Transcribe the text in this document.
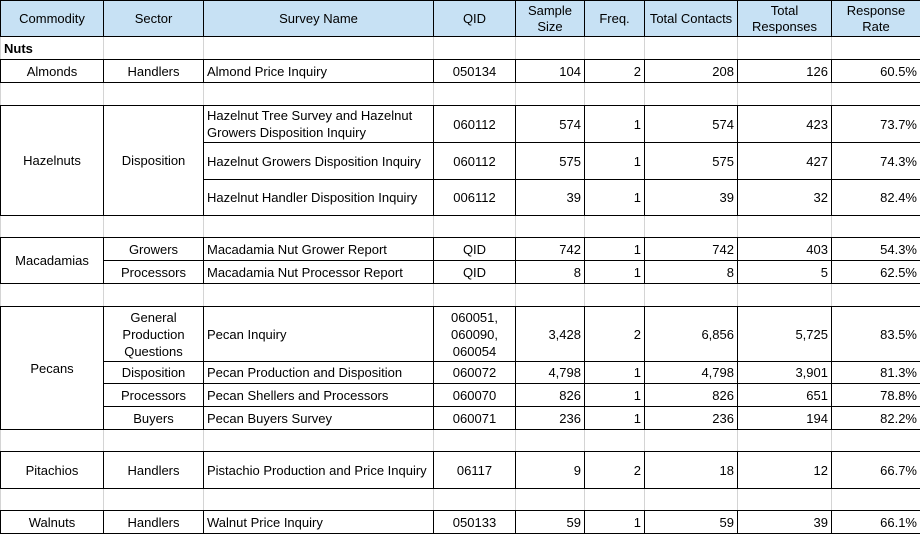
Commodity	Sector	Survey Name	QID	Sample Size	Freq.	Total Contacts	Total Responses	Response Rate
Nuts								
Almonds	Handlers	Almond Price Inquiry	050134	104	2	208	126	60.5%

Hazelnuts	Disposition	Hazelnut Tree Survey and Hazelnut Growers Disposition Inquiry	060112	574	1	574	423	73.7%
		Hazelnut Growers Disposition Inquiry	060112	575	1	575	427	74.3%
		Hazelnut Handler Disposition Inquiry	006112	39	1	39	32	82.4%

Macadamias	Growers	Macadamia Nut Grower Report	QID	742	1	742	403	54.3%
	Processors	Macadamia Nut Processor Report	QID	8	1	8	5	62.5%

Pecans	General Production Questions	Pecan Inquiry	060051, 060090, 060054	3,428	2	6,856	5,725	83.5%
	Disposition	Pecan Production and Disposition	060072	4,798	1	4,798	3,901	81.3%
	Processors	Pecan Shellers and Processors	060070	826	1	826	651	78.8%
	Buyers	Pecan Buyers Survey	060071	236	1	236	194	82.2%

Pitachios	Handlers	Pistachio Production and Price Inquiry	06117	9	2	18	12	66.7%

Walnuts	Handlers	Walnut Price Inquiry	050133	59	1	59	39	66.1%
